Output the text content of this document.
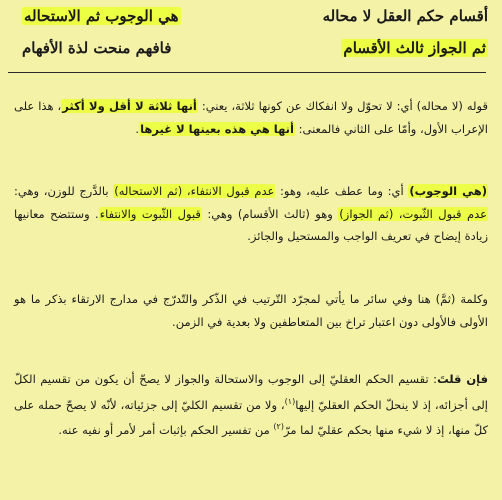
أقسام حكم العقل لا محاله
هي الوجوب ثم الاستحاله
ثم الجواز ثالث الأقسام
فافهم منحت لذة الأفهام
قوله (لا محاله) أي: لا تحوّل ولا انفكاك عن كونها ثلاثة، يعني: أنها ثلاثة لا أقل ولا أكثر، هذا على الإعراب الأول، وأمّا على الثاني فالمعنى: أنها هي هذه بعينها لا غيرها.
(هي الوجوب) أي: وما عطف عليه، وهو: عدم قبول الانتفاء، (ثم الاستحاله) بالدَّرج للوزن، وهي: عدم قبول الثّبوت، (ثم الجواز) وهو (ثالث الأقسام) وهي: قبول الثّبوت والانتفاء. وستتضح معانيها زيادة إيضاح في تعريف الواجب والمستحيل والجائز.
وكلمة (ثمَّ) هنا وفي سائر ما يأتي لمجرّد التّرتيب في الذّكر والتّدرّج في مدارج الارتقاء بذكر ما هو الأولى فالأولى دون اعتبار تراخ بين المتعاطفين ولا بعدية في الزمن.
فإن قلتَ: تقسيم الحكم العقليّ إلى الوجوب والاستحالة والجواز لا يصحّ أن يكون من تقسيم الكلّ إلى أجزائه، إذ لا ينحلّ الحكم العقليّ إليها$^{(١)}$، ولا من تقسيم الكليّ إلى جزئياته، لأنّه لا يصحّ حمله على كلّ منها، إذ لا شيء منها بحكم عقليّ لما مرّ$^{(٢)}$ من تفسير الحكم بإثبات أمر لأمر أو نفيه عنه.
